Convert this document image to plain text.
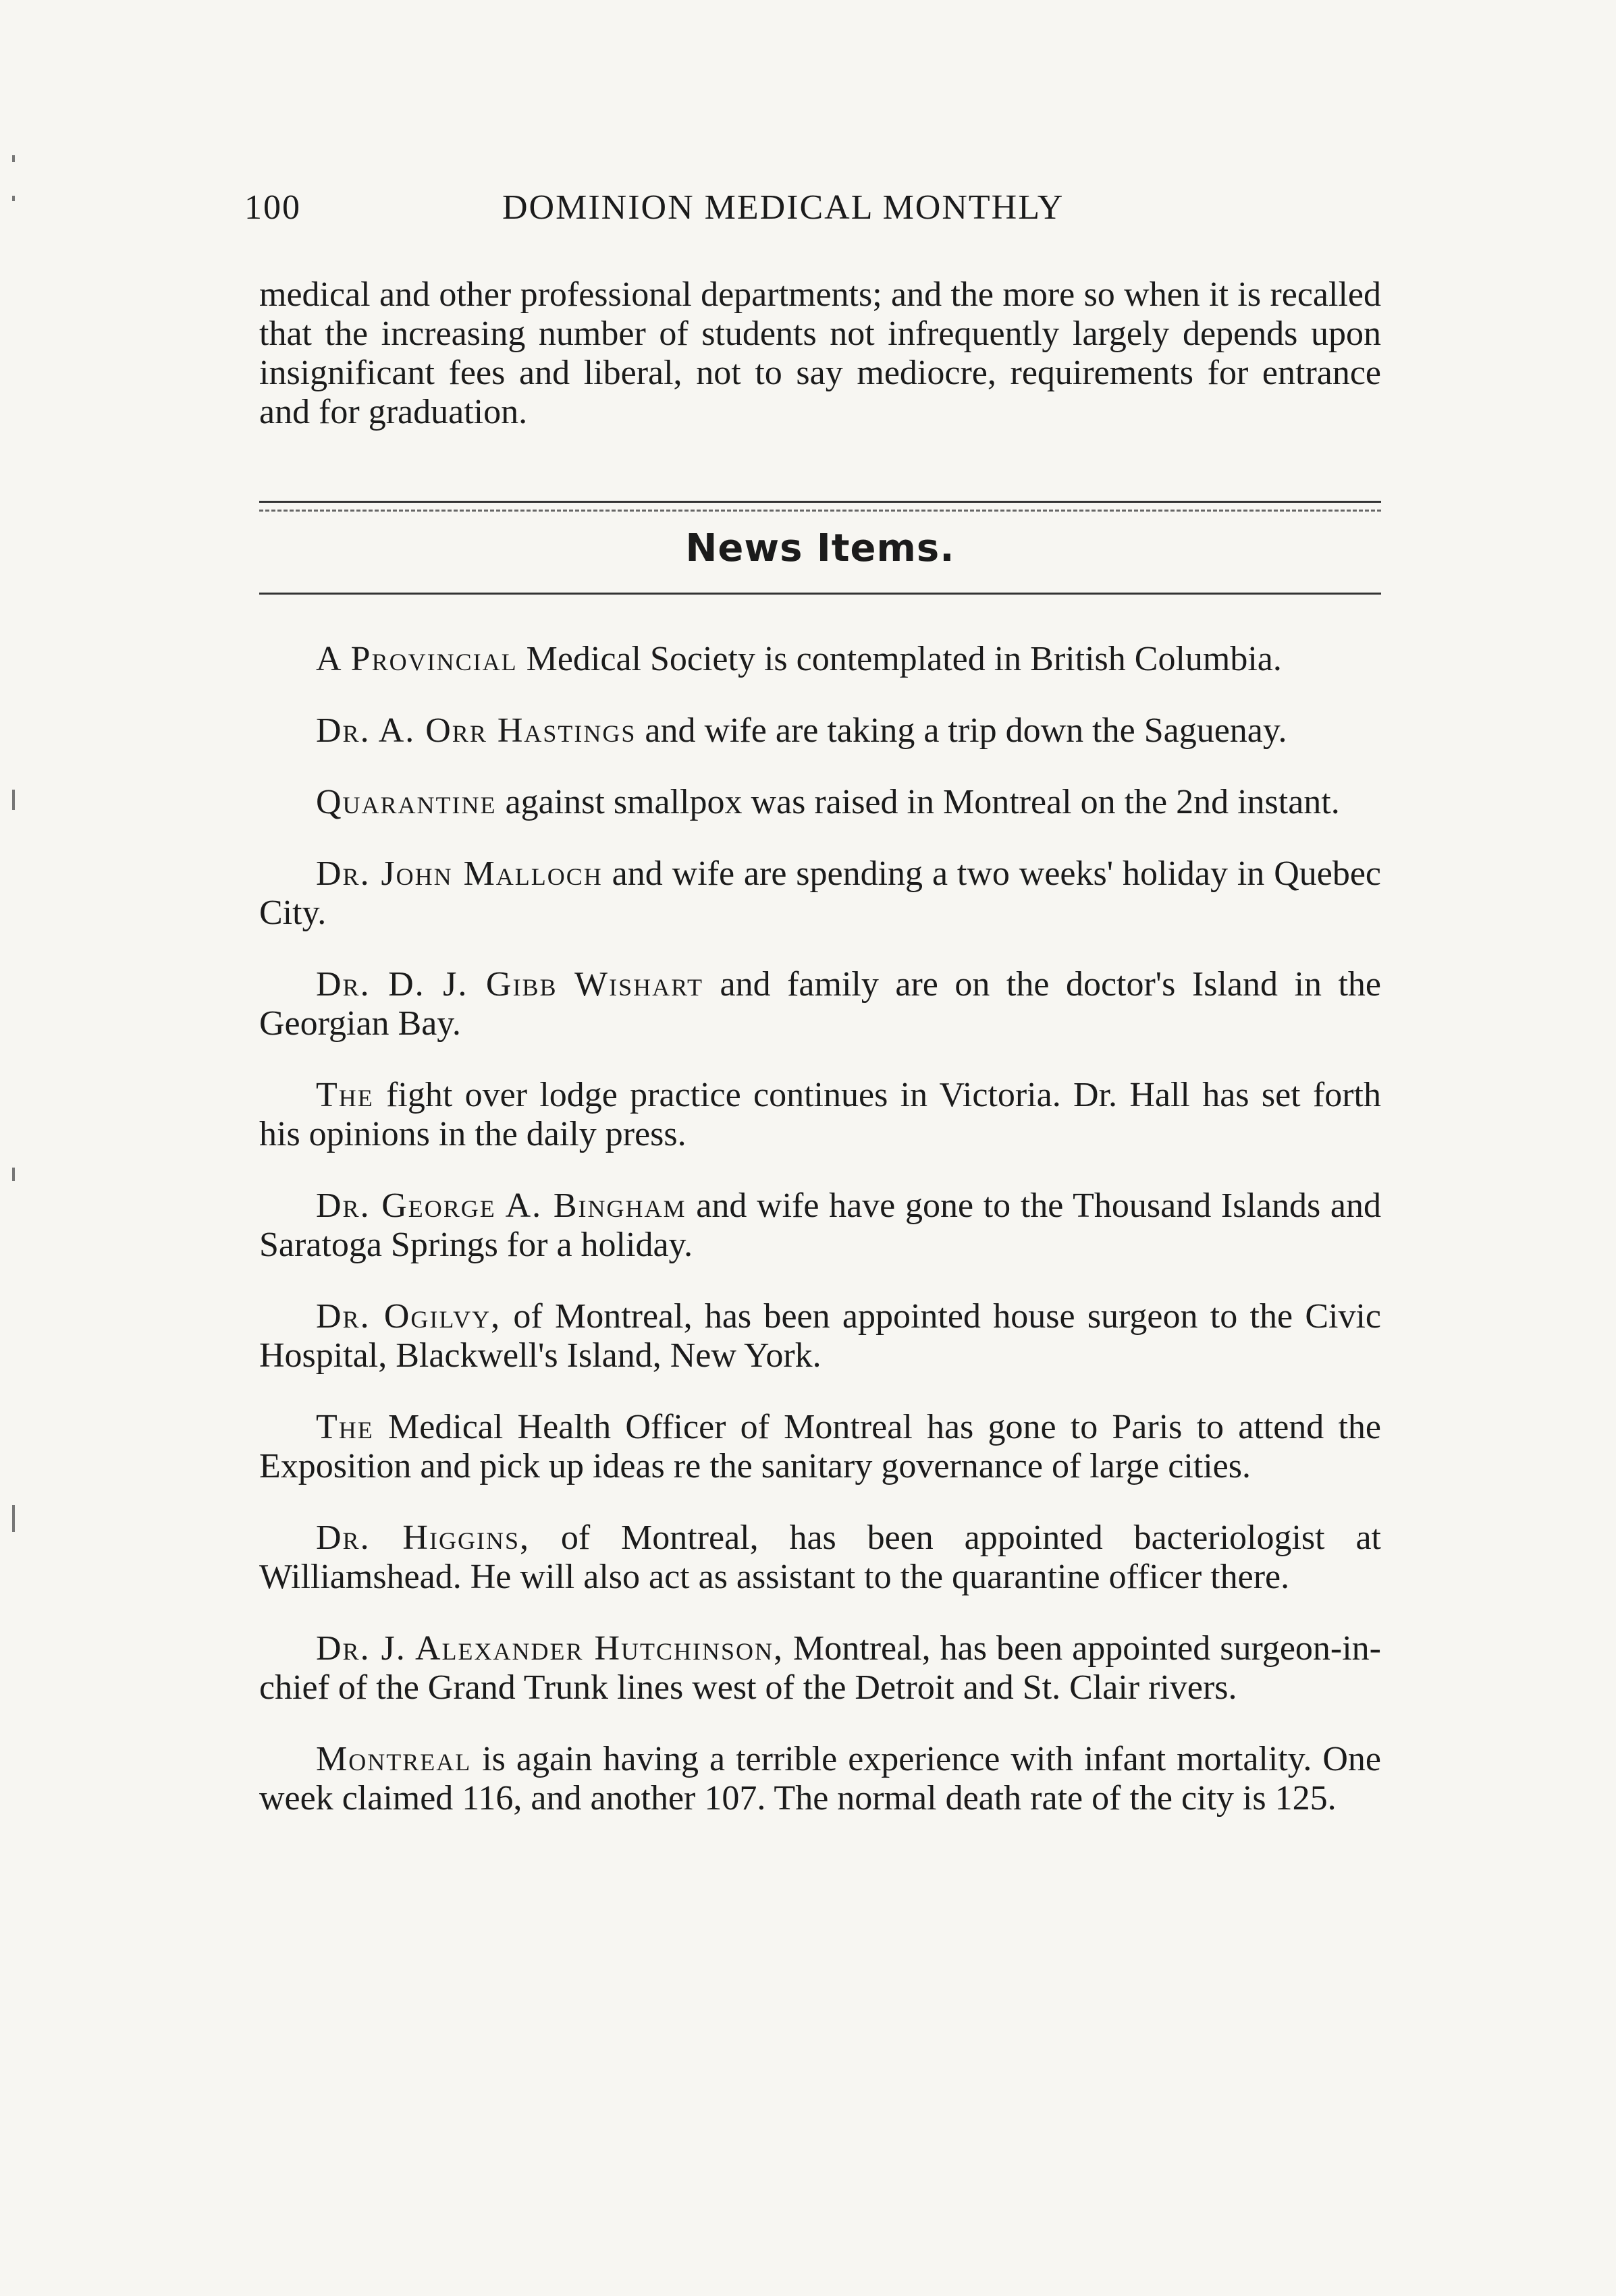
100	DOMINION MEDICAL MONTHLY

medical and other professional departments; and the more so when it is recalled that the increasing number of students not infrequently largely depends upon insignificant fees and liberal, not to say mediocre, requirements for entrance and for graduation.

News Items.

A Provincial Medical Society is contemplated in British Columbia.

Dr. A. Orr Hastings and wife are taking a trip down the Saguenay.

Quarantine against smallpox was raised in Montreal on the 2nd instant.

Dr. John Malloch and wife are spending a two weeks' holiday in Quebec City.

Dr. D. J. Gibb Wishart and family are on the doctor's Island in the Georgian Bay.

The fight over lodge practice continues in Victoria. Dr. Hall has set forth his opinions in the daily press.

Dr. George A. Bingham and wife have gone to the Thousand Islands and Saratoga Springs for a holiday.

Dr. Ogilvy, of Montreal, has been appointed house surgeon to the Civic Hospital, Blackwell's Island, New York.

The Medical Health Officer of Montreal has gone to Paris to attend the Exposition and pick up ideas re the sanitary governance of large cities.

Dr. Higgins, of Montreal, has been appointed bacteriologist at Williamshead. He will also act as assistant to the quarantine officer there.

Dr. J. Alexander Hutchinson, Montreal, has been appointed surgeon-in-chief of the Grand Trunk lines west of the Detroit and St. Clair rivers.

Montreal is again having a terrible experience with infant mortality. One week claimed 116, and another 107. The normal death rate of the city is 125.
